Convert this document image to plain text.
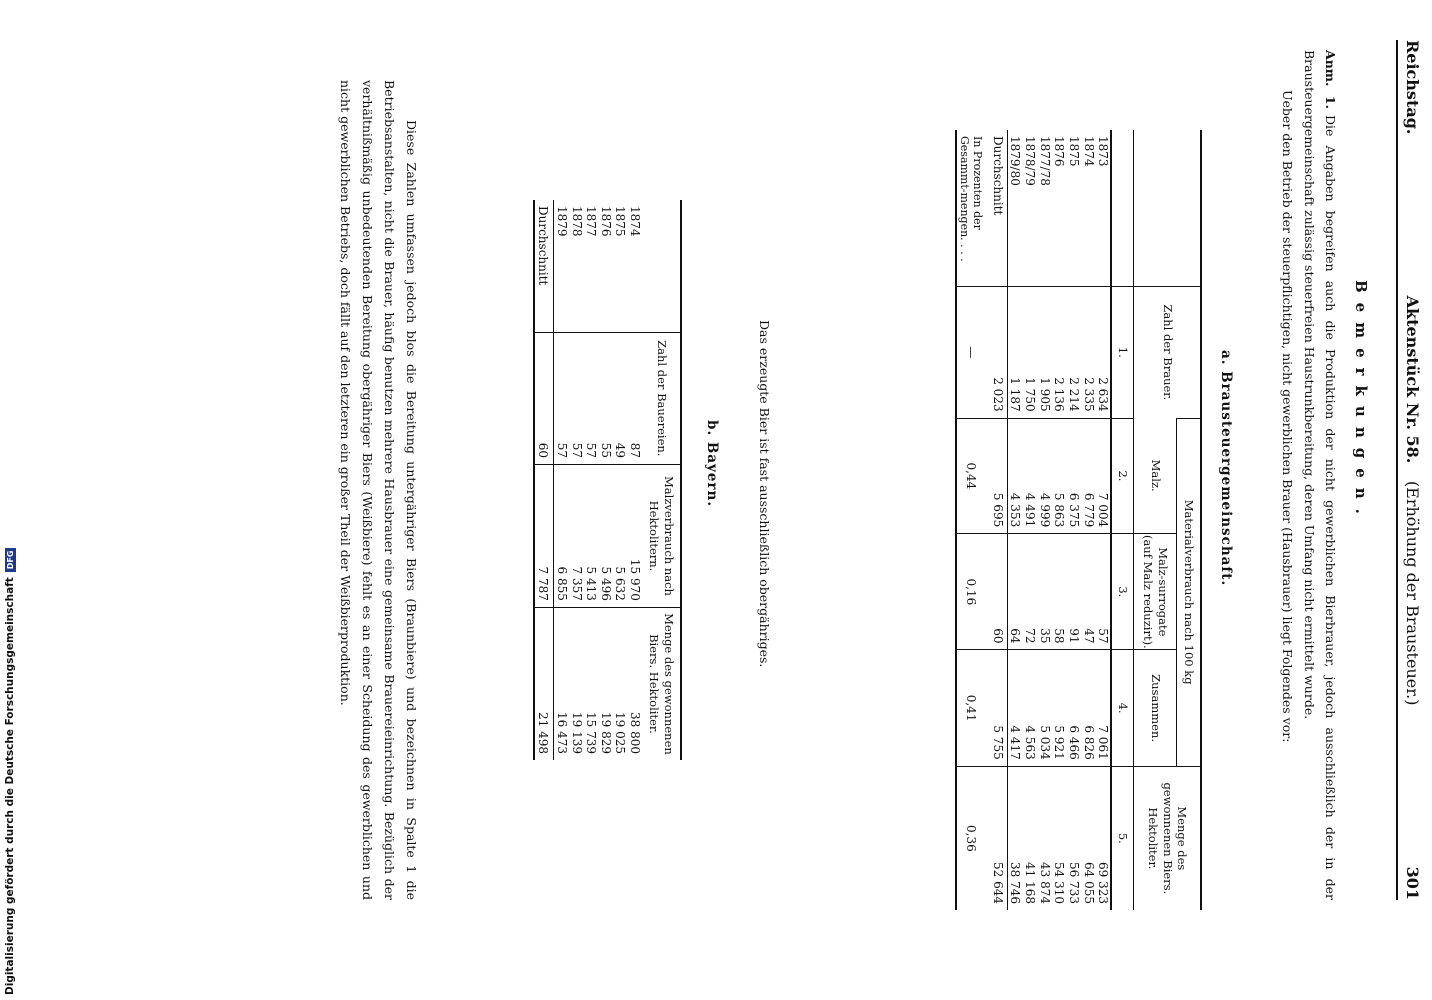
Reichstag.
Aktenstück Nr. 58. (Erhöhung der Brausteuer.)
301
Bemerkungen.

Anm. 1.Die Angaben begreifen auch die Produktion der nicht gewerblichen Bierbrauer, jedoch ausschließlich der in der Brausteuergemeinschaft zulässig steuerfreien Haustrunkbereitung, deren Umfang nicht ermittelt wurde.

Ueber den Betrieb der steuerpflichtigen, nicht gewerblichen Brauer (Hausbrauer) liegt Folgendes vor:

a. Brausteuergemeinschaft.
	Zahl der Brauer.	Materialverbrauch nach 100 kg			Menge des gewonnenen Biers. Hektoliter.
		Malz.	Malz-surrogate (auf Malz reduzirt).	Zusammen.	
	1.	2.	3.	4.	5.
1873	2 634	7 004	57	7 061	69 323
1874	2 335	6 779	47	6 826	64 055
1875	2 214	6 375	91	6 466	56 733
1876	2 136	5 863	58	5 921	54 310
1877/78	1 905	4 999	35	5 034	43 874
1878/79	1 750	4 491	72	4 563	41 168
1879/80	1 187	4 353	64	4 417	38 746
Durchschnitt	2 023	5 695	60	5 755	52 644
In Prozenten der Gesammt-mengen. . . .	—	0,44	0,16	0,41	0,36
Das erzeugte Bier ist fast ausschließlich obergähriges.
b. Bayern.
	Zahl der Bauereien.	Malzverbrauch nach Hektolitern.	Menge des gewonnenen Biers. Hektoliter.
1874	87	15 970	38 800
1875	49	5 632	19 025
1876	55	5 496	19 829
1877	57	5 413	15 739
1878	57	7 357	19 139
1879	57	6 855	16 473
Durchschnitt	60	7 787	21 498
Diese Zahlen umfassen jedoch blos die Bereitung untergähriger Biers (Braunbiere) und bezeichnen in Spalte 1 die Betriebsanstalten, nicht die Brauer, häufig benutzen mehrere Hausbrauer eine gemeinsame Brauereieinrichtung. Bezüglich der verhältnißmäßig unbedeutenden Bereitung obergähriger Biers (Weißbiere) fehlt es an einer Scheidung des gewerblichen und nicht gewerblichen Betriebs, doch fällt auf den letzteren ein großer Theil der Weißbierproduktion.
Digitalisierung gefördert durch die Deutsche Forschungsgemeinschaft
DFG
